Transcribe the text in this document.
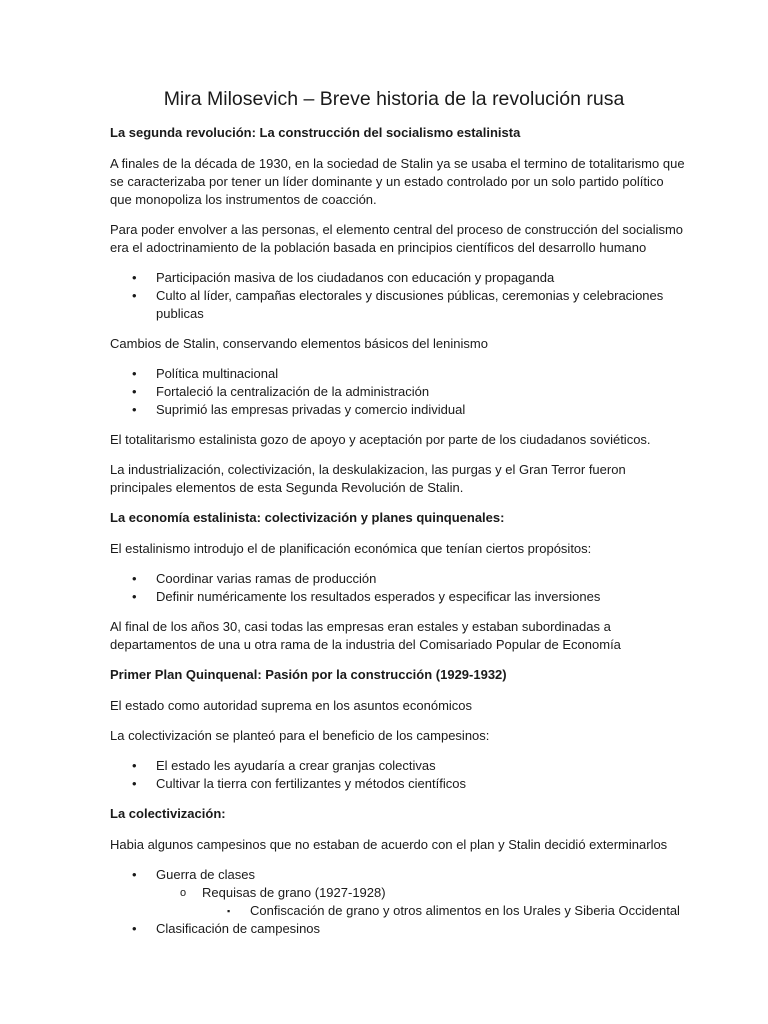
Mira Milosevich – Breve historia de la revolución rusa

La segunda revolución: La construcción del socialismo estalinista

A finales de la década de 1930, en la sociedad de Stalin ya se usaba el termino de totalitarismo que se caracterizaba por tener un líder dominante y un estado controlado por un solo partido político que monopoliza los instrumentos de coacción.

Para poder envolver a las personas, el elemento central del proceso de construcción del socialismo era el adoctrinamiento de la población basada en principios científicos del desarrollo humano

•	Participación masiva de los ciudadanos con educación y propaganda
•	Culto al líder, campañas electorales y discusiones públicas, ceremonias y celebraciones publicas

Cambios de Stalin, conservando elementos básicos del leninismo

•	Política multinacional
•	Fortaleció la centralización de la administración
•	Suprimió las empresas privadas y comercio individual

El totalitarismo estalinista gozo de apoyo y aceptación por parte de los ciudadanos soviéticos.

La industrialización, colectivización, la deskulakizacion, las purgas y el Gran Terror fueron principales elementos de esta Segunda Revolución de Stalin.

La economía estalinista: colectivización y planes quinquenales:

El estalinismo introdujo el de planificación económica que tenían ciertos propósitos:

•	Coordinar varias ramas de producción
•	Definir numéricamente los resultados esperados y especificar las inversiones

Al final de los años 30, casi todas las empresas eran estales y estaban subordinadas a departamentos de una u otra rama de la industria del Comisariado Popular de Economía

Primer Plan Quinquenal: Pasión por la construcción (1929-1932)

El estado como autoridad suprema en los asuntos económicos

La colectivización se planteó para el beneficio de los campesinos:

•	El estado les ayudaría a crear granjas colectivas
•	Cultivar la tierra con fertilizantes y métodos científicos

La colectivización:

Habia algunos campesinos que no estaban de acuerdo con el plan y Stalin decidió exterminarlos

•	Guerra de clases
o	Requisas de grano (1927-1928)
▪	Confiscación de grano y otros alimentos en los Urales y Siberia Occidental
•	Clasificación de campesinos
